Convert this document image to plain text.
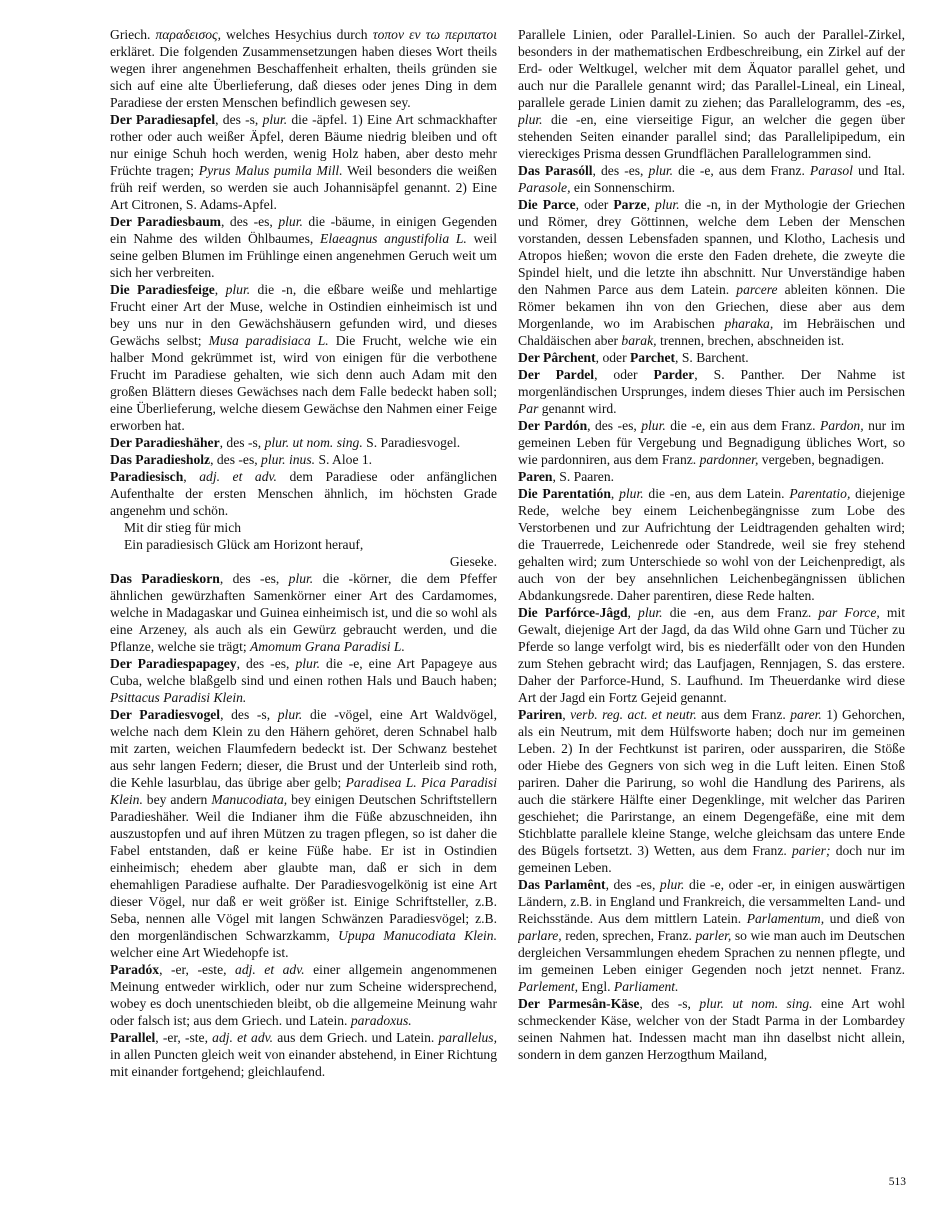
Griech. παραδεισος, welches Hesychius durch τοπον εν τω περιπατοι erkläret. Die folgenden Zusammensetzungen haben dieses Wort theils wegen ihrer angenehmen Beschaffenheit erhalten, theils gründen sie sich auf eine alte Überlieferung, daß dieses oder jenes Ding in dem Paradiese der ersten Menschen befindlich gewesen sey.

Der Paradiesapfel, des -s, plur. die -äpfel. 1) Eine Art schmackhafter rother oder auch weißer Äpfel, deren Bäume niedrig bleiben und oft nur einige Schuh hoch werden, wenig Holz haben, aber desto mehr Früchte tragen; Pyrus Malus pumila Mill. Weil besonders die weißen früh reif werden, so werden sie auch Johannisäpfel genannt. 2) Eine Art Citronen, S. Adams-Apfel.

Der Paradiesbaum, des -es, plur. die -bäume, in einigen Gegenden ein Nahme des wilden Öhlbaumes, Elaeagnus angustifolia L. weil seine gelben Blumen im Frühlinge einen angenehmen Geruch weit um sich her verbreiten.

Die Paradiesfeige, plur. die -n, die eßbare weiße und mehlartige Frucht einer Art der Muse, welche in Ostindien einheimisch ist und bey uns nur in den Gewächshäusern gefunden wird, und dieses Gewächs selbst; Musa paradisiaca L. Die Frucht, welche wie ein halber Mond gekrümmet ist, wird von einigen für die verbothene Frucht im Paradiese gehalten, wie sich denn auch Adam mit den großen Blättern dieses Gewächses nach dem Falle bedeckt haben soll; eine Überlieferung, welche diesem Gewächse den Nahmen einer Feige erworben hat.

Der Paradieshäher, des -s, plur. ut nom. sing. S. Paradiesvogel.

Das Paradiesholz, des -es, plur. inus. S. Aloe 1.

Paradiesisch, adj. et adv. dem Paradiese oder anfänglichen Aufenthalte der ersten Menschen ähnlich, im höchsten Grade angenehm und schön.

Mit dir stieg für mich
Ein paradiesisch Glück am Horizont herauf,
Gieseke.

Das Paradieskorn, des -es, plur. die -körner, die dem Pfeffer ähnlichen gewürzhaften Samenkörner einer Art des Cardamomes, welche in Madagaskar und Guinea einheimisch ist, und die so wohl als eine Arzeney, als auch als ein Gewürz gebraucht werden, und die Pflanze, welche sie trägt; Amomum Grana Paradisi L.

Der Paradiespapagey, des -es, plur. die -e, eine Art Papageye aus Cuba, welche blaßgelb sind und einen rothen Hals und Bauch haben; Psittacus Paradisi Klein.

Der Paradiesvogel, des -s, plur. die -vögel, eine Art Waldvögel, welche nach dem Klein zu den Hähern gehöret, deren Schnabel halb mit zarten, weichen Flaumfedern bedeckt ist. Der Schwanz bestehet aus sehr langen Federn; dieser, die Brust und der Unterleib sind roth, die Kehle lasurblau, das übrige aber gelb; Paradisea L. Pica Paradisi Klein. bey andern Manucodiata, bey einigen Deutschen Schriftstellern Paradieshäher. Weil die Indianer ihm die Füße abzuschneiden, ihn auszustopfen und auf ihren Mützen zu tragen pflegen, so ist daher die Fabel entstanden, daß er keine Füße habe. Er ist in Ostindien einheimisch; ehedem aber glaubte man, daß er sich in dem ehemahligen Paradiese aufhalte. Der Paradiesvogelkönig ist eine Art dieser Vögel, nur daß er weit größer ist. Einige Schriftsteller, z.B. Seba, nennen alle Vögel mit langen Schwänzen Paradiesvögel; z.B. den morgenländischen Schwarzkamm, Upupa Manucodiata Klein. welcher eine Art Wiedehopfe ist.

Paradóx, -er, -este, adj. et adv. einer allgemein angenommenen Meinung entweder wirklich, oder nur zum Scheine widersprechend, wobey es doch unentschieden bleibt, ob die allgemeine Meinung wahr oder falsch ist; aus dem Griech. und Latein. paradoxus.

Parallel, -er, -ste, adj. et adv. aus dem Griech. und Latein. parallelus, in allen Puncten gleich weit von einander abstehend, in Einer Richtung mit einander fortgehend; gleichlaufend.

Parallele Linien, oder Parallel-Linien. So auch der Parallel-Zirkel, besonders in der mathematischen Erdbeschreibung, ein Zirkel auf der Erd- oder Weltkugel, welcher mit dem Äquator parallel gehet, und auch nur die Parallele genannt wird; das Parallel-Lineal, ein Lineal, parallele gerade Linien damit zu ziehen; das Parallelogramm, des -es, plur. die -en, eine vierseitige Figur, an welcher die gegen über stehenden Seiten einander parallel sind; das Parallelipipedum, ein viereckiges Prisma dessen Grundflächen Parallelogrammen sind.

Das Parasóll, des -es, plur. die -e, aus dem Franz. Parasol und Ital. Parasole, ein Sonnenschirm.

Die Parce, oder Parze, plur. die -n, in der Mythologie der Griechen und Römer, drey Göttinnen, welche dem Leben der Menschen vorstanden, dessen Lebensfaden spannen, und Klotho, Lachesis und Atropos hießen; wovon die erste den Faden drehete, die zweyte die Spindel hielt, und die letzte ihn abschnitt. Nur Unverständige haben den Nahmen Parce aus dem Latein. parcere ableiten können. Die Römer bekamen ihn von den Griechen, diese aber aus dem Morgenlande, wo im Arabischen pharaka, im Hebräischen und Chaldäischen aber barak, trennen, brechen, abschneiden ist.

Der Pârchent, oder Parchet, S. Barchent.

Der Pardel, oder Parder, S. Panther. Der Nahme ist morgenländischen Ursprunges, indem dieses Thier auch im Persischen Par genannt wird.

Der Pardón, des -es, plur. die -e, ein aus dem Franz. Pardon, nur im gemeinen Leben für Vergebung und Begnadigung übliches Wort, so wie pardonniren, aus dem Franz. pardonner, vergeben, begnadigen.

Paren, S. Paaren.

Die Parentatión, plur. die -en, aus dem Latein. Parentatio, diejenige Rede, welche bey einem Leichenbegängnisse zum Lobe des Verstorbenen und zur Aufrichtung der Leidtragenden gehalten wird; die Trauerrede, Leichenrede oder Standrede, weil sie frey stehend gehalten wird; zum Unterschiede so wohl von der Leichenpredigt, als auch von der bey ansehnlichen Leichenbegängnissen üblichen Abdankungsrede. Daher parentiren, diese Rede halten.

Die Parfórce-Jâgd, plur. die -en, aus dem Franz. par Force, mit Gewalt, diejenige Art der Jagd, da das Wild ohne Garn und Tücher zu Pferde so lange verfolgt wird, bis es niederfällt oder von den Hunden zum Stehen gebracht wird; das Laufjagen, Rennjagen, S. das erstere. Daher der Parforce-Hund, S. Laufhund. Im Theuerdanke wird diese Art der Jagd ein Fortz Gejeid genannt.

Pariren, verb. reg. act. et neutr. aus dem Franz. parer. 1) Gehorchen, als ein Neutrum, mit dem Hülfsworte haben; doch nur im gemeinen Leben. 2) In der Fechtkunst ist pariren, oder ausspariren, die Stöße oder Hiebe des Gegners von sich weg in die Luft leiten. Einen Stoß pariren. Daher die Parirung, so wohl die Handlung des Parirens, als auch die stärkere Hälfte einer Degenklinge, mit welcher das Pariren geschiehet; die Parirstange, an einem Degengefäße, eine mit dem Stichblatte parallele kleine Stange, welche gleichsam das untere Ende des Bügels fortsetzt. 3) Wetten, aus dem Franz. parier; doch nur im gemeinen Leben.

Das Parlamênt, des -es, plur. die -e, oder -er, in einigen auswärtigen Ländern, z.B. in England und Frankreich, die versammelten Land- und Reichsstände. Aus dem mittlern Latein. Parlamentum, und dieß von parlare, reden, sprechen, Franz. parler, so wie man auch im Deutschen dergleichen Versammlungen ehedem Sprachen zu nennen pflegte, und im gemeinen Leben einiger Gegenden noch jetzt nennet. Franz. Parlement, Engl. Parliament.

Der Parmesân-Käse, des -s, plur. ut nom. sing. eine Art wohl schmeckender Käse, welcher von der Stadt Parma in der Lombardey seinen Nahmen hat. Indessen macht man ihn daselbst nicht allein, sondern in dem ganzen Herzogthum Mailand,

513
